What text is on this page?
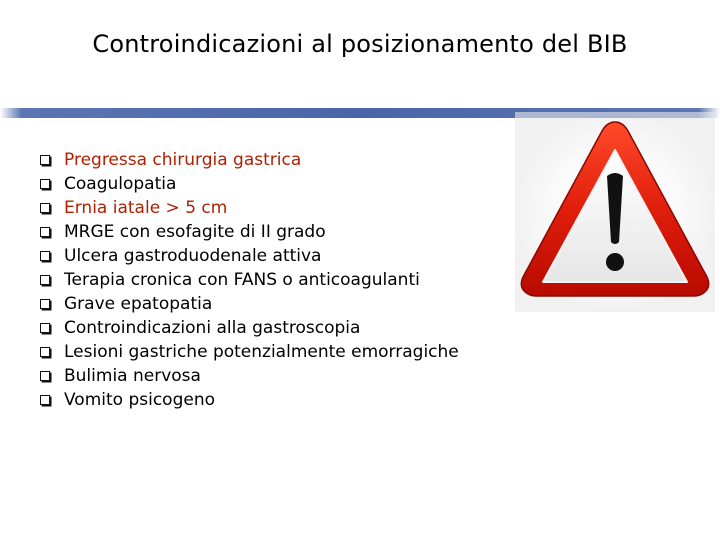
Controindicazioni al posizionamento del BIB
Pregressa chirurgia gastrica
Coagulopatia
Ernia iatale > 5 cm
MRGE con esofagite di II grado
Ulcera gastroduodenale attiva
Terapia cronica con FANS o anticoagulanti
Grave epatopatia
Controindicazioni alla gastroscopia
Lesioni gastriche potenzialmente emorragiche
Bulimia nervosa
Vomito psicogeno
